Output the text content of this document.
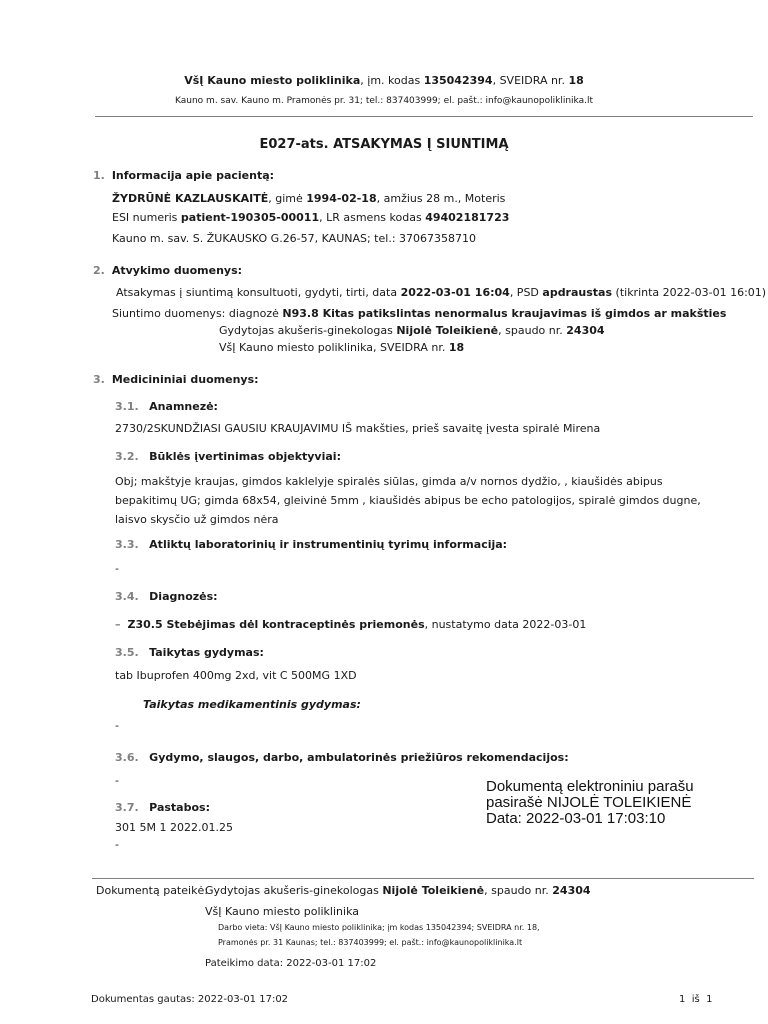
VšĮ Kauno miesto poliklinika, įm. kodas 135042394, SVEIDRA nr. 18
Kauno m. sav. Kauno m. Pramonės pr. 31; tel.: 837403999; el. pašt.: info@kaunopoliklinika.lt
E027-ats. ATSAKYMAS Į SIUNTIMĄ
1. Informacija apie pacientą:
ŽYDRŪNĖ KAZLAUSKAITĖ, gimė 1994-02-18, amžius 28 m., Moteris
ESI numeris patient-190305-00011, LR asmens kodas 49402181723
Kauno m. sav. S. ŽUKAUSKO G.26-57, KAUNAS; tel.: 37067358710
2. Atvykimo duomenys:
Atsakymas į siuntimą konsultuoti, gydyti, tirti, data 2022-03-01 16:04, PSD apdraustas (tikrinta 2022-03-01 16:01)
Siuntimo duomenys: diagnozė N93.8 Kitas patikslintas nenormalus kraujavimas iš gimdos ar makšties
Gydytojas akušeris-ginekologas Nijolė Toleikienė, spaudo nr. 24304
VšĮ Kauno miesto poliklinika, SVEIDRA nr. 18
3. Medicininiai duomenys:
3.1. Anamnezė:
2730/2SKUNDŽIASI GAUSIU KRAUJAVIMU IŠ makšties, prieš savaitę įvesta spiralė Mirena
3.2. Būklės įvertinimas objektyviai:
Obj; makštyje kraujas, gimdos kaklelyje spiralės siūlas, gimda a/v nornos dydžio, , kiaušidės abipus bepakitimų UG; gimda 68x54, gleivinė 5mm , kiaušidės abipus be echo patologijos, spiralė gimdos dugne, laisvo skysčio už gimdos nėra
3.3. Atliktų laboratorinių ir instrumentinių tyrimų informacija:
-
3.4. Diagnozės:
– Z30.5 Stebėjimas dėl kontraceptinės priemonės, nustatymo data 2022-03-01
3.5. Taikytas gydymas:
tab Ibuprofen 400mg 2xd, vit C 500MG 1XD
Taikytas medikamentinis gydymas:
-
3.6. Gydymo, slaugos, darbo, ambulatorinės priežiūros rekomendacijos:
-	Dokumentą elektroniniu parašu
pasirašė NIJOLĖ TOLEIKIENĖ
Data: 2022-03-01 17:03:10
3.7. Pastabos:
301 5M 1 2022.01.25
-
Dokumentą pateikė:
Gydytojas akušeris-ginekologas Nijolė Toleikienė, spaudo nr. 24304
VšĮ Kauno miesto poliklinika
Darbo vieta: VšĮ Kauno miesto poliklinika; įm kodas 135042394; SVEIDRA nr. 18,
Pramonės pr. 31 Kaunas; tel.: 837403999; el. pašt.: info@kaunopoliklinika.lt
Pateikimo data: 2022-03-01 17:02
Dokumentas gautas: 2022-03-01 17:02	1 iš 1
